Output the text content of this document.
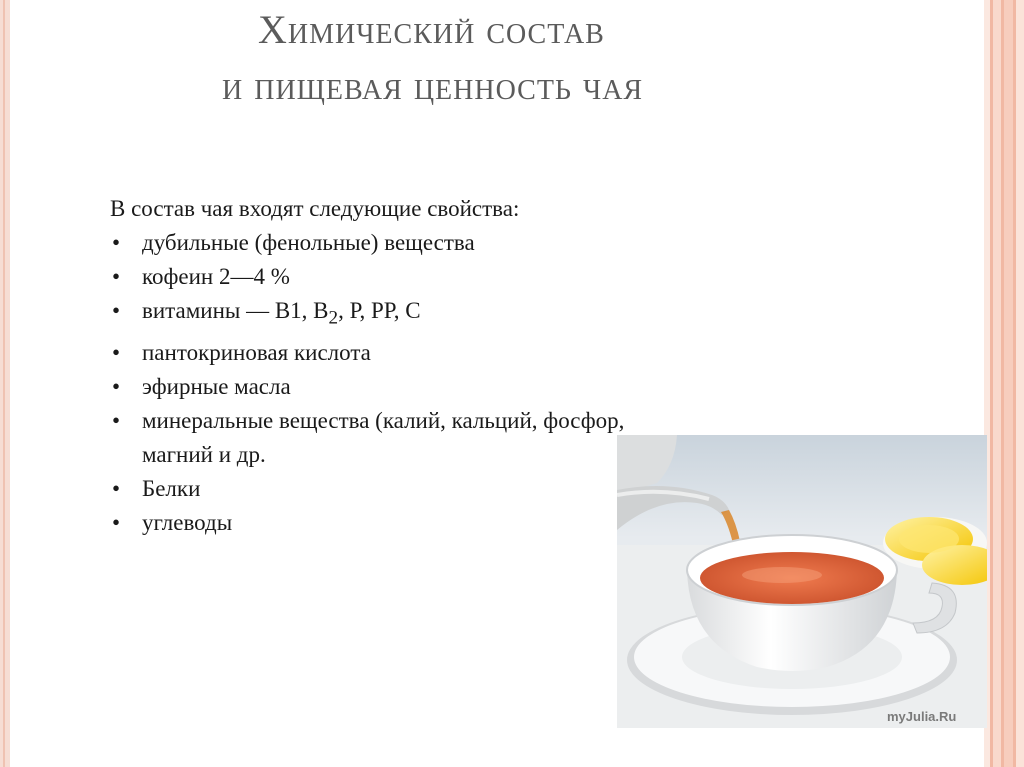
Химический состав
и пищевая ценность чая

В состав чая входят следующие свойства:

• дубильные (фенольные) вещества
• кофеин 2—4 %
• витамины — В1, $В_2$, Р, РР, С
• пантокриновая кислота
• эфирные масла
• минеральные вещества (калий, кальций, фосфор, магний и др.
• Белки
• углеводы
myJulia.Ru
